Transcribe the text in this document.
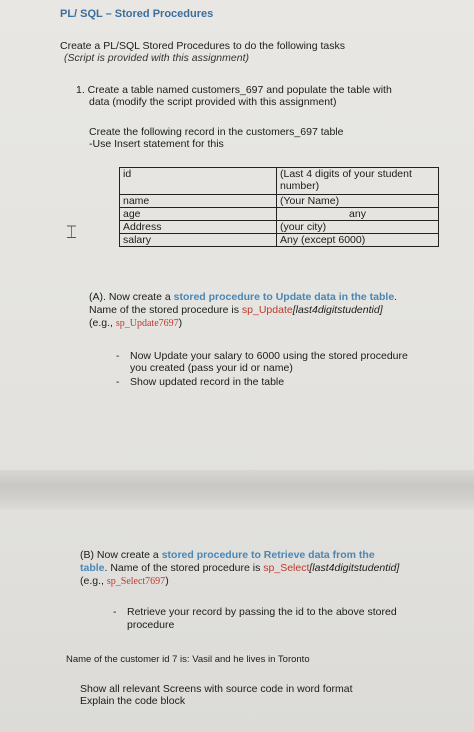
PL/ SQL – Stored Procedures
Create a PL/SQL Stored Procedures to do the following tasks
(Script is provided with this assignment)
1. Create a table named customers_697 and populate the table with
data (modify the script provided with this assignment)
Create the following record in the customers_697 table
-Use Insert statement for this
id	(Last 4 digits of your student
number)

name	(Your Name)
age	any
Address	(your city)
salary	Any (except 6000)
⌶
(A). Now create a stored procedure to Update data in the table.
Name of the stored procedure is sp_Update[last4digitstudentid]
(e.g., sp_Update7697)
- Now Update your salary to 6000 using the stored procedure
you created (pass your id or name)
- Show updated record in the table
(B) Now create a stored procedure to Retrieve data from the
table. Name of the stored procedure is sp_Select[last4digitstudentid]
(e.g., sp_Select7697)
- Retrieve your record by passing the id to the above stored
procedure
Name of the customer id 7 is: Vasil and he lives in Toronto
Show all relevant Screens with source code in word format
Explain the code block
